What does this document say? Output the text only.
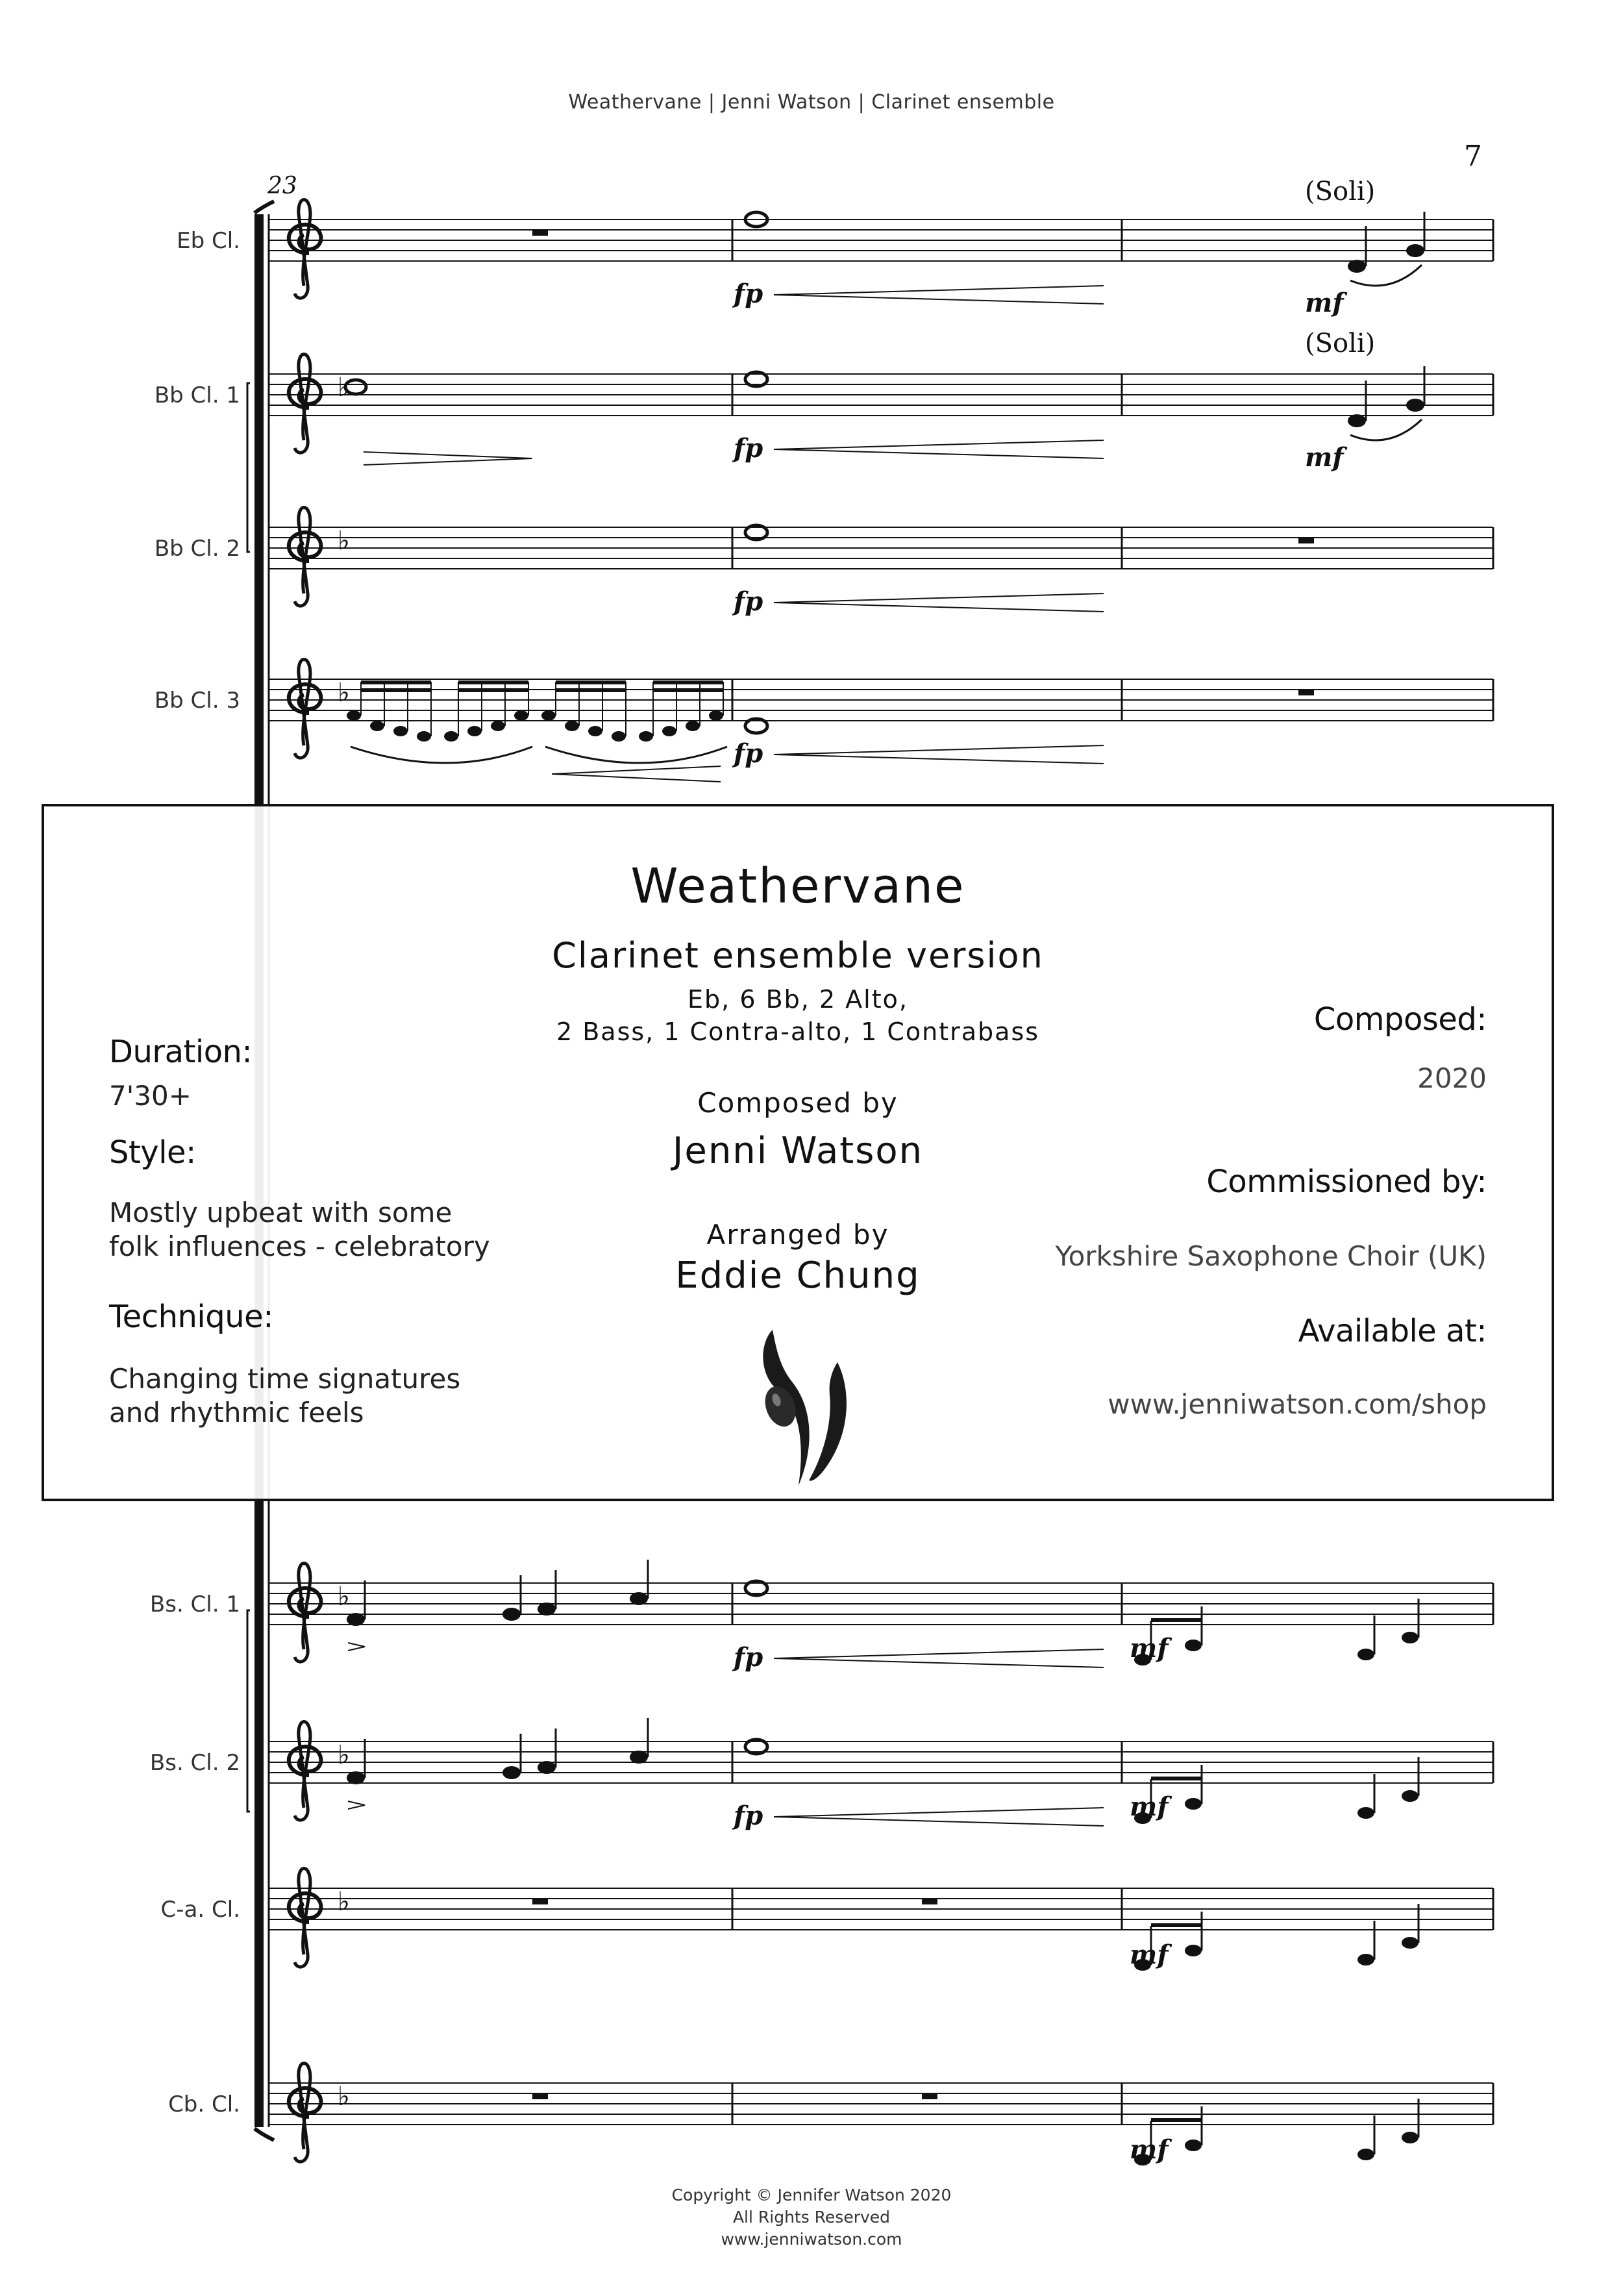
Weathervane | Jenni Watson | Clarinet ensemble
7
23
Eb Cl.
fp
Bb Cl. 1	♭
fp
Bb Cl. 2	♭
fp
Bb Cl. 3	♭
fp
Bs. Cl. 1	♭
fp
Bs. Cl. 2	♭
fp
C-a. Cl.	♭
Cb. Cl.	♭
mf
mf
mf
mf
mf
mf
(Soli)
(Soli)
Weathervane
Clarinet ensemble version
Eb, 6 Bb, 2 Alto,
2 Bass, 1 Contra-alto, 1 Contrabass
Composed by
Jenni Watson
Arranged by
Eddie Chung
Duration:
7'30+
Style:
Mostly upbeat with some
folk influences - celebratory
Technique:
Changing time signatures
and rhythmic feels
Composed:
2020
Commissioned by:
Yorkshire Saxophone Choir (UK)
Available at:
www.jenniwatson.com/shop
Copyright © Jennifer Watson 2020
All Rights Reserved
www.jenniwatson.com
